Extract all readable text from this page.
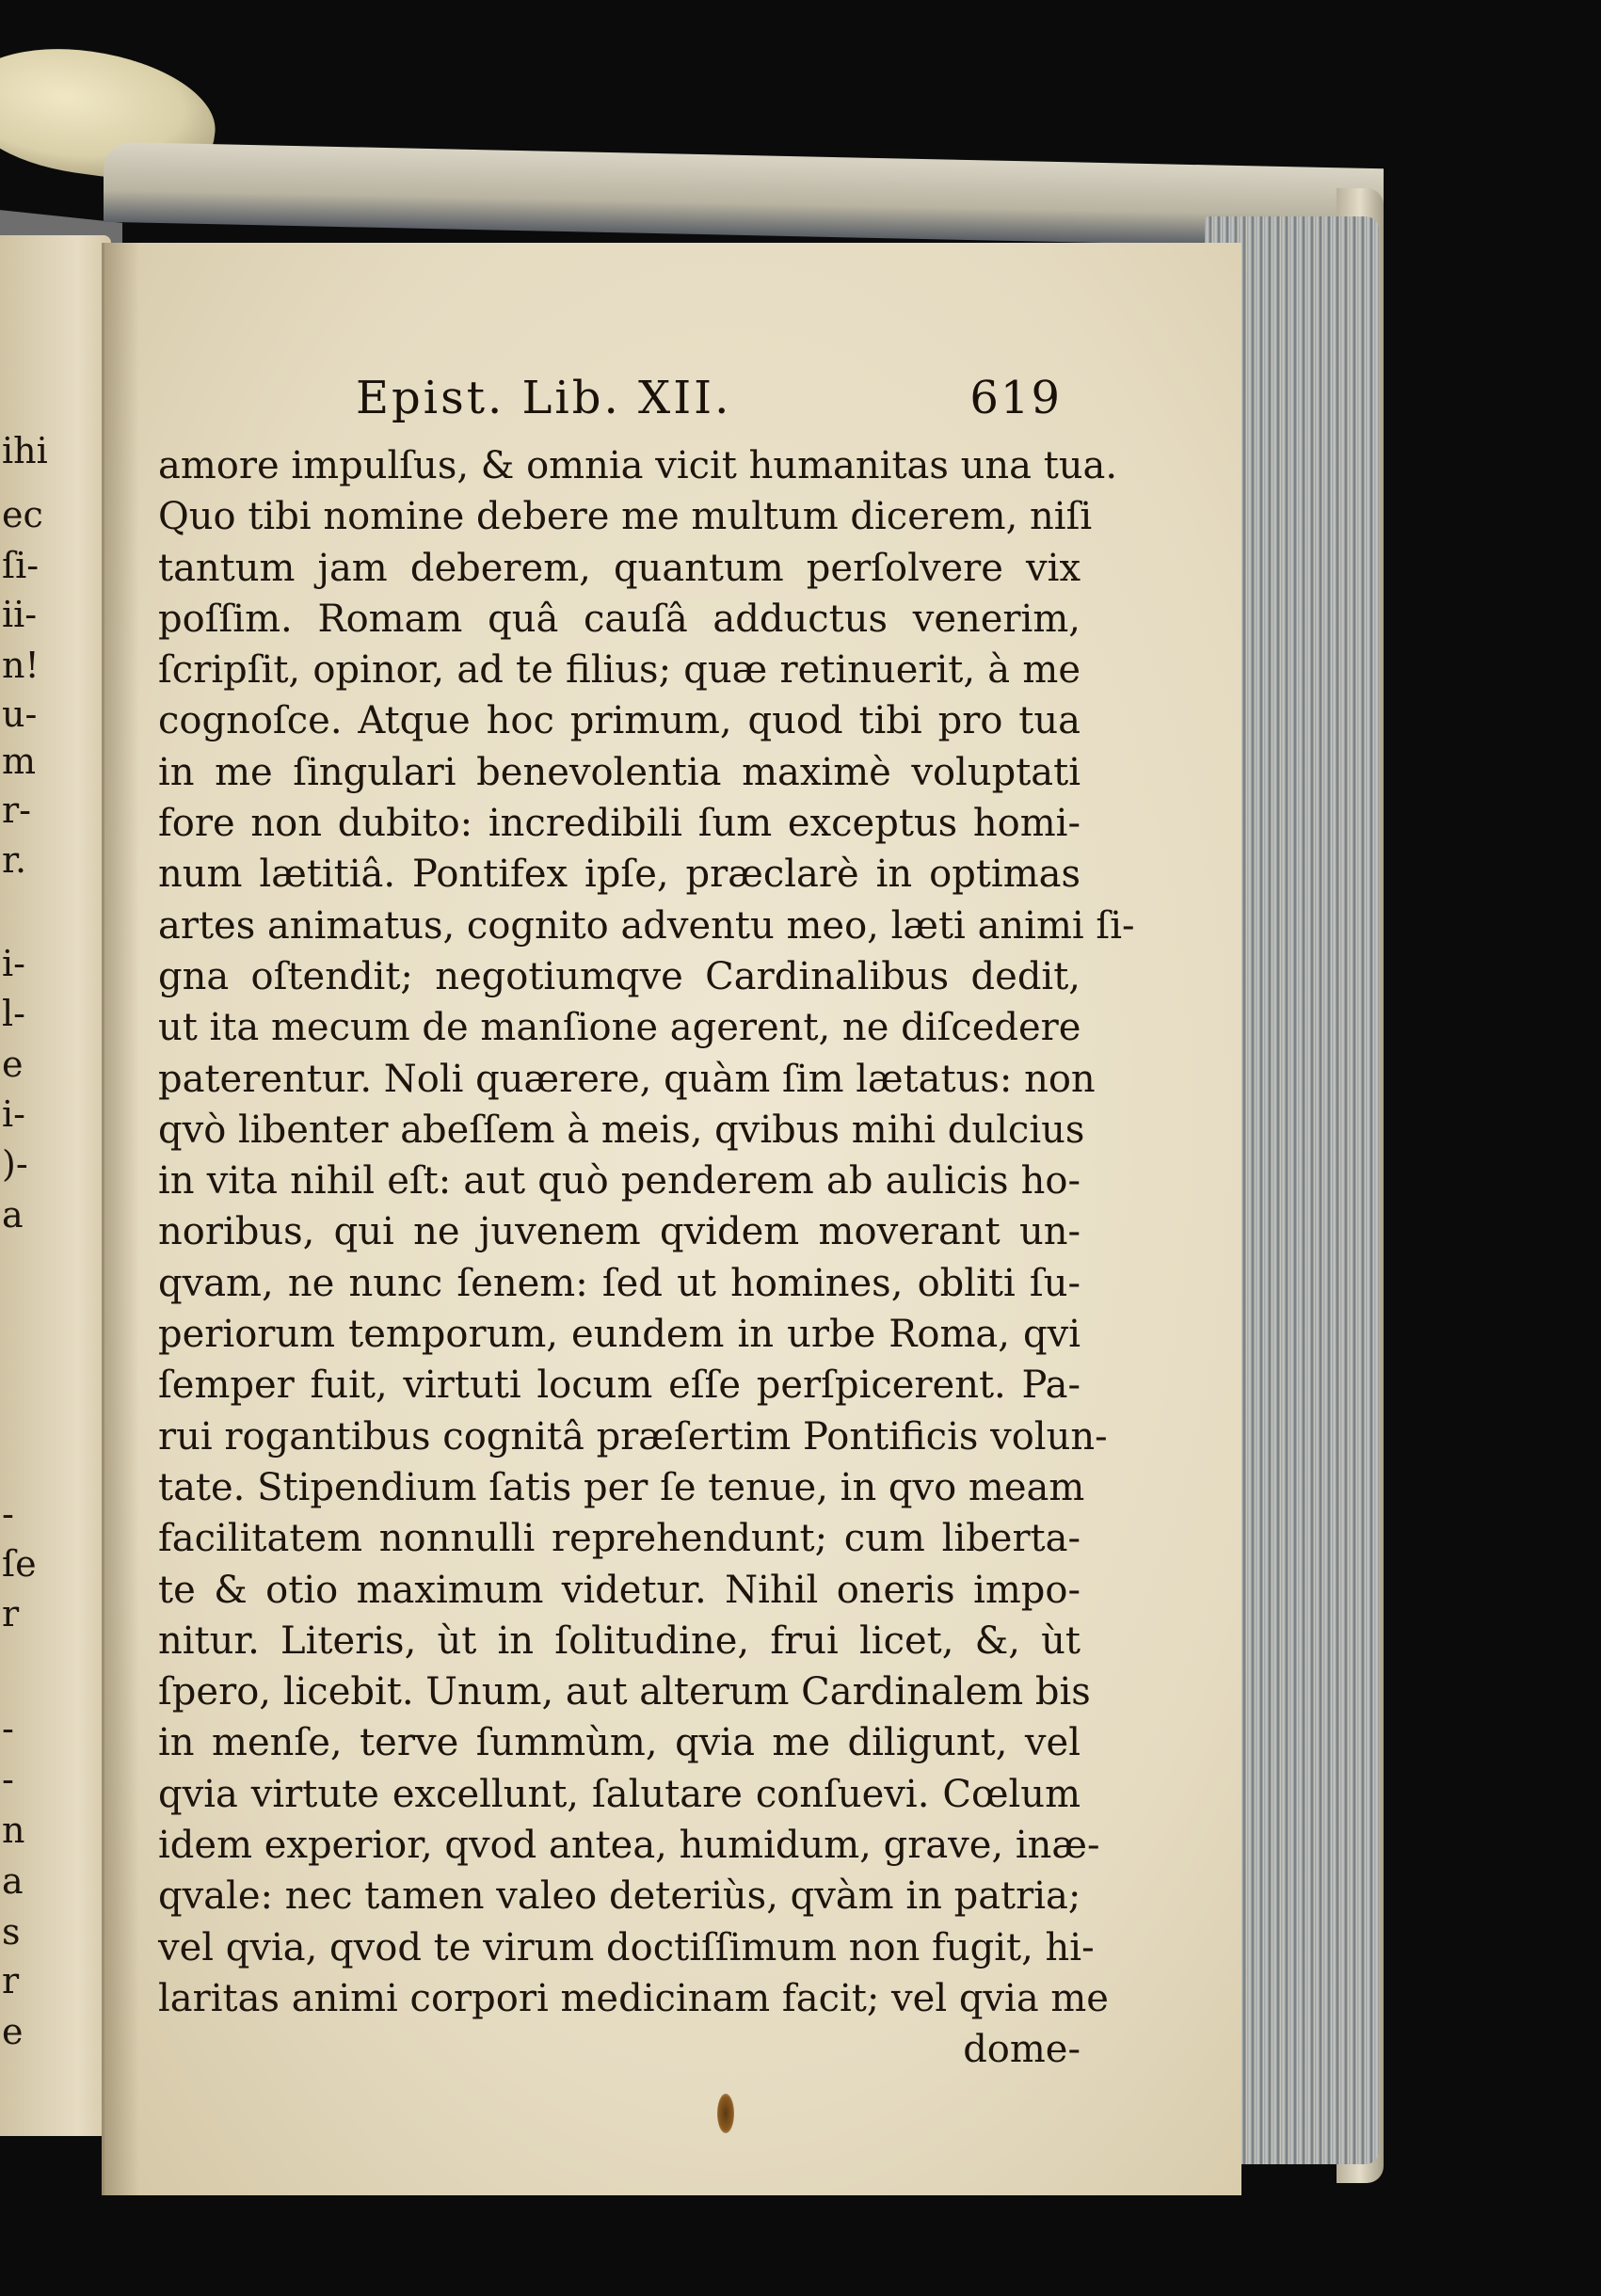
ihi
ec
ſi-
ii-
n!
u-
m
r-
r.
i-
l-
e
i-
)-
a
-
ſe
r
-
-
n
a
s
r
e
Epist. Lib. XII.	619
amore impulſus, & omnia vicit humanitas una tua.
Quo tibi nomine debere me multum dicerem, niſi
tantum jam deberem, quantum perſolvere vix
poſſim. Romam quâ cauſâ adductus venerim,
ſcripſit, opinor, ad te filius; quæ retinuerit, à me
cognoſce. Atque hoc primum, quod tibi pro tua
in me ſingulari benevolentia maximè voluptati
fore non dubito: incredibili ſum exceptus homi-
num lætitiâ. Pontifex ipſe, præclarè in optimas
artes animatus, cognito adventu meo, læti animi ſi-
gna oſtendit; negotiumqve Cardinalibus dedit,
ut ita mecum de manſione agerent, ne diſcedere
paterentur. Noli quærere, quàm ſim lætatus: non
qvò libenter abeſſem à meis, qvibus mihi dulcius
in vita nihil eſt: aut quò penderem ab aulicis ho-
noribus, qui ne juvenem qvidem moverant un-
qvam, ne nunc ſenem: ſed ut homines, obliti ſu-
periorum temporum, eundem in urbe Roma, qvi
ſemper fuit, virtuti locum eſſe perſpicerent. Pa-
rui rogantibus cognitâ præſertim Pontificis volun-
tate. Stipendium ſatis per ſe tenue, in qvo meam
facilitatem nonnulli reprehendunt; cum liberta-
te & otio maximum videtur. Nihil oneris impo-
nitur. Literis, ùt in ſolitudine, frui licet, &, ùt
ſpero, licebit. Unum, aut alterum Cardinalem bis
in menſe, terve ſummùm, qvia me diligunt, vel
qvia virtute excellunt, ſalutare conſuevi. Cœlum
idem experior, qvod antea, humidum, grave, inæ-
qvale: nec tamen valeo deteriùs, qvàm in patria;
vel qvia, qvod te virum doctiſſimum non fugit, hi-
laritas animi corpori medicinam facit; vel qvia me
dome-
